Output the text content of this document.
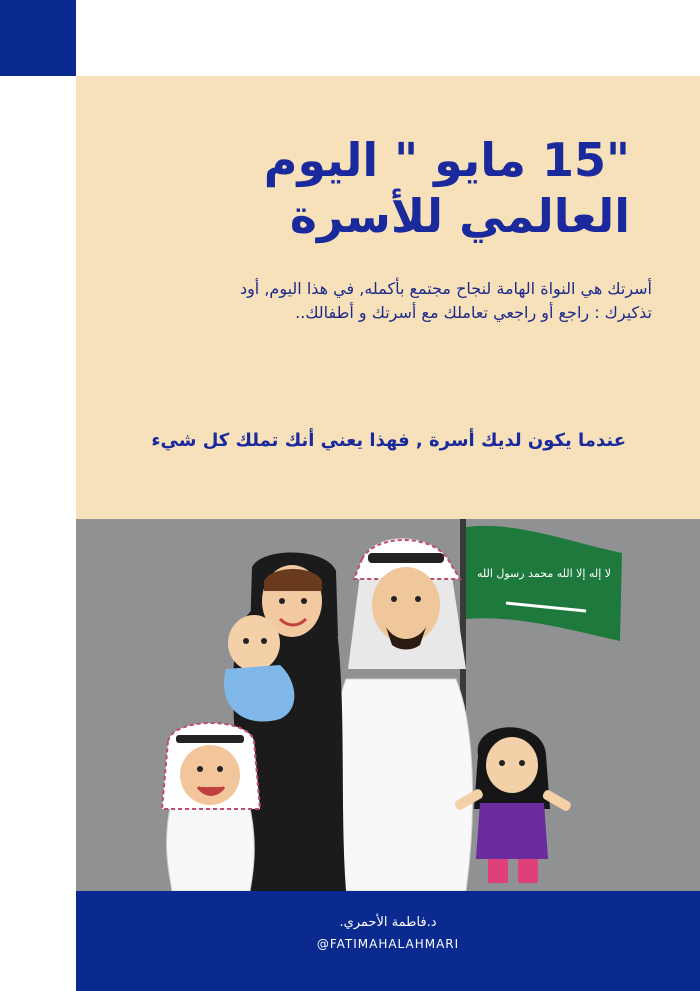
"15 مايو " اليوم
العالمي للأسرة
أسرتك هي النواة الهامة لنجاح مجتمع بأكمله, في هذا اليوم, أود
تذكيرك : راجع أو راجعي تعاملك مع أسرتك و أطفالك..
عندما يكون لديك أسرة , فهذا يعني أنك تملك كل شيء
لا إله إلا الله محمد رسول الله
د.فاطمة الأحمري.
@FATIMAHALAHMARI
